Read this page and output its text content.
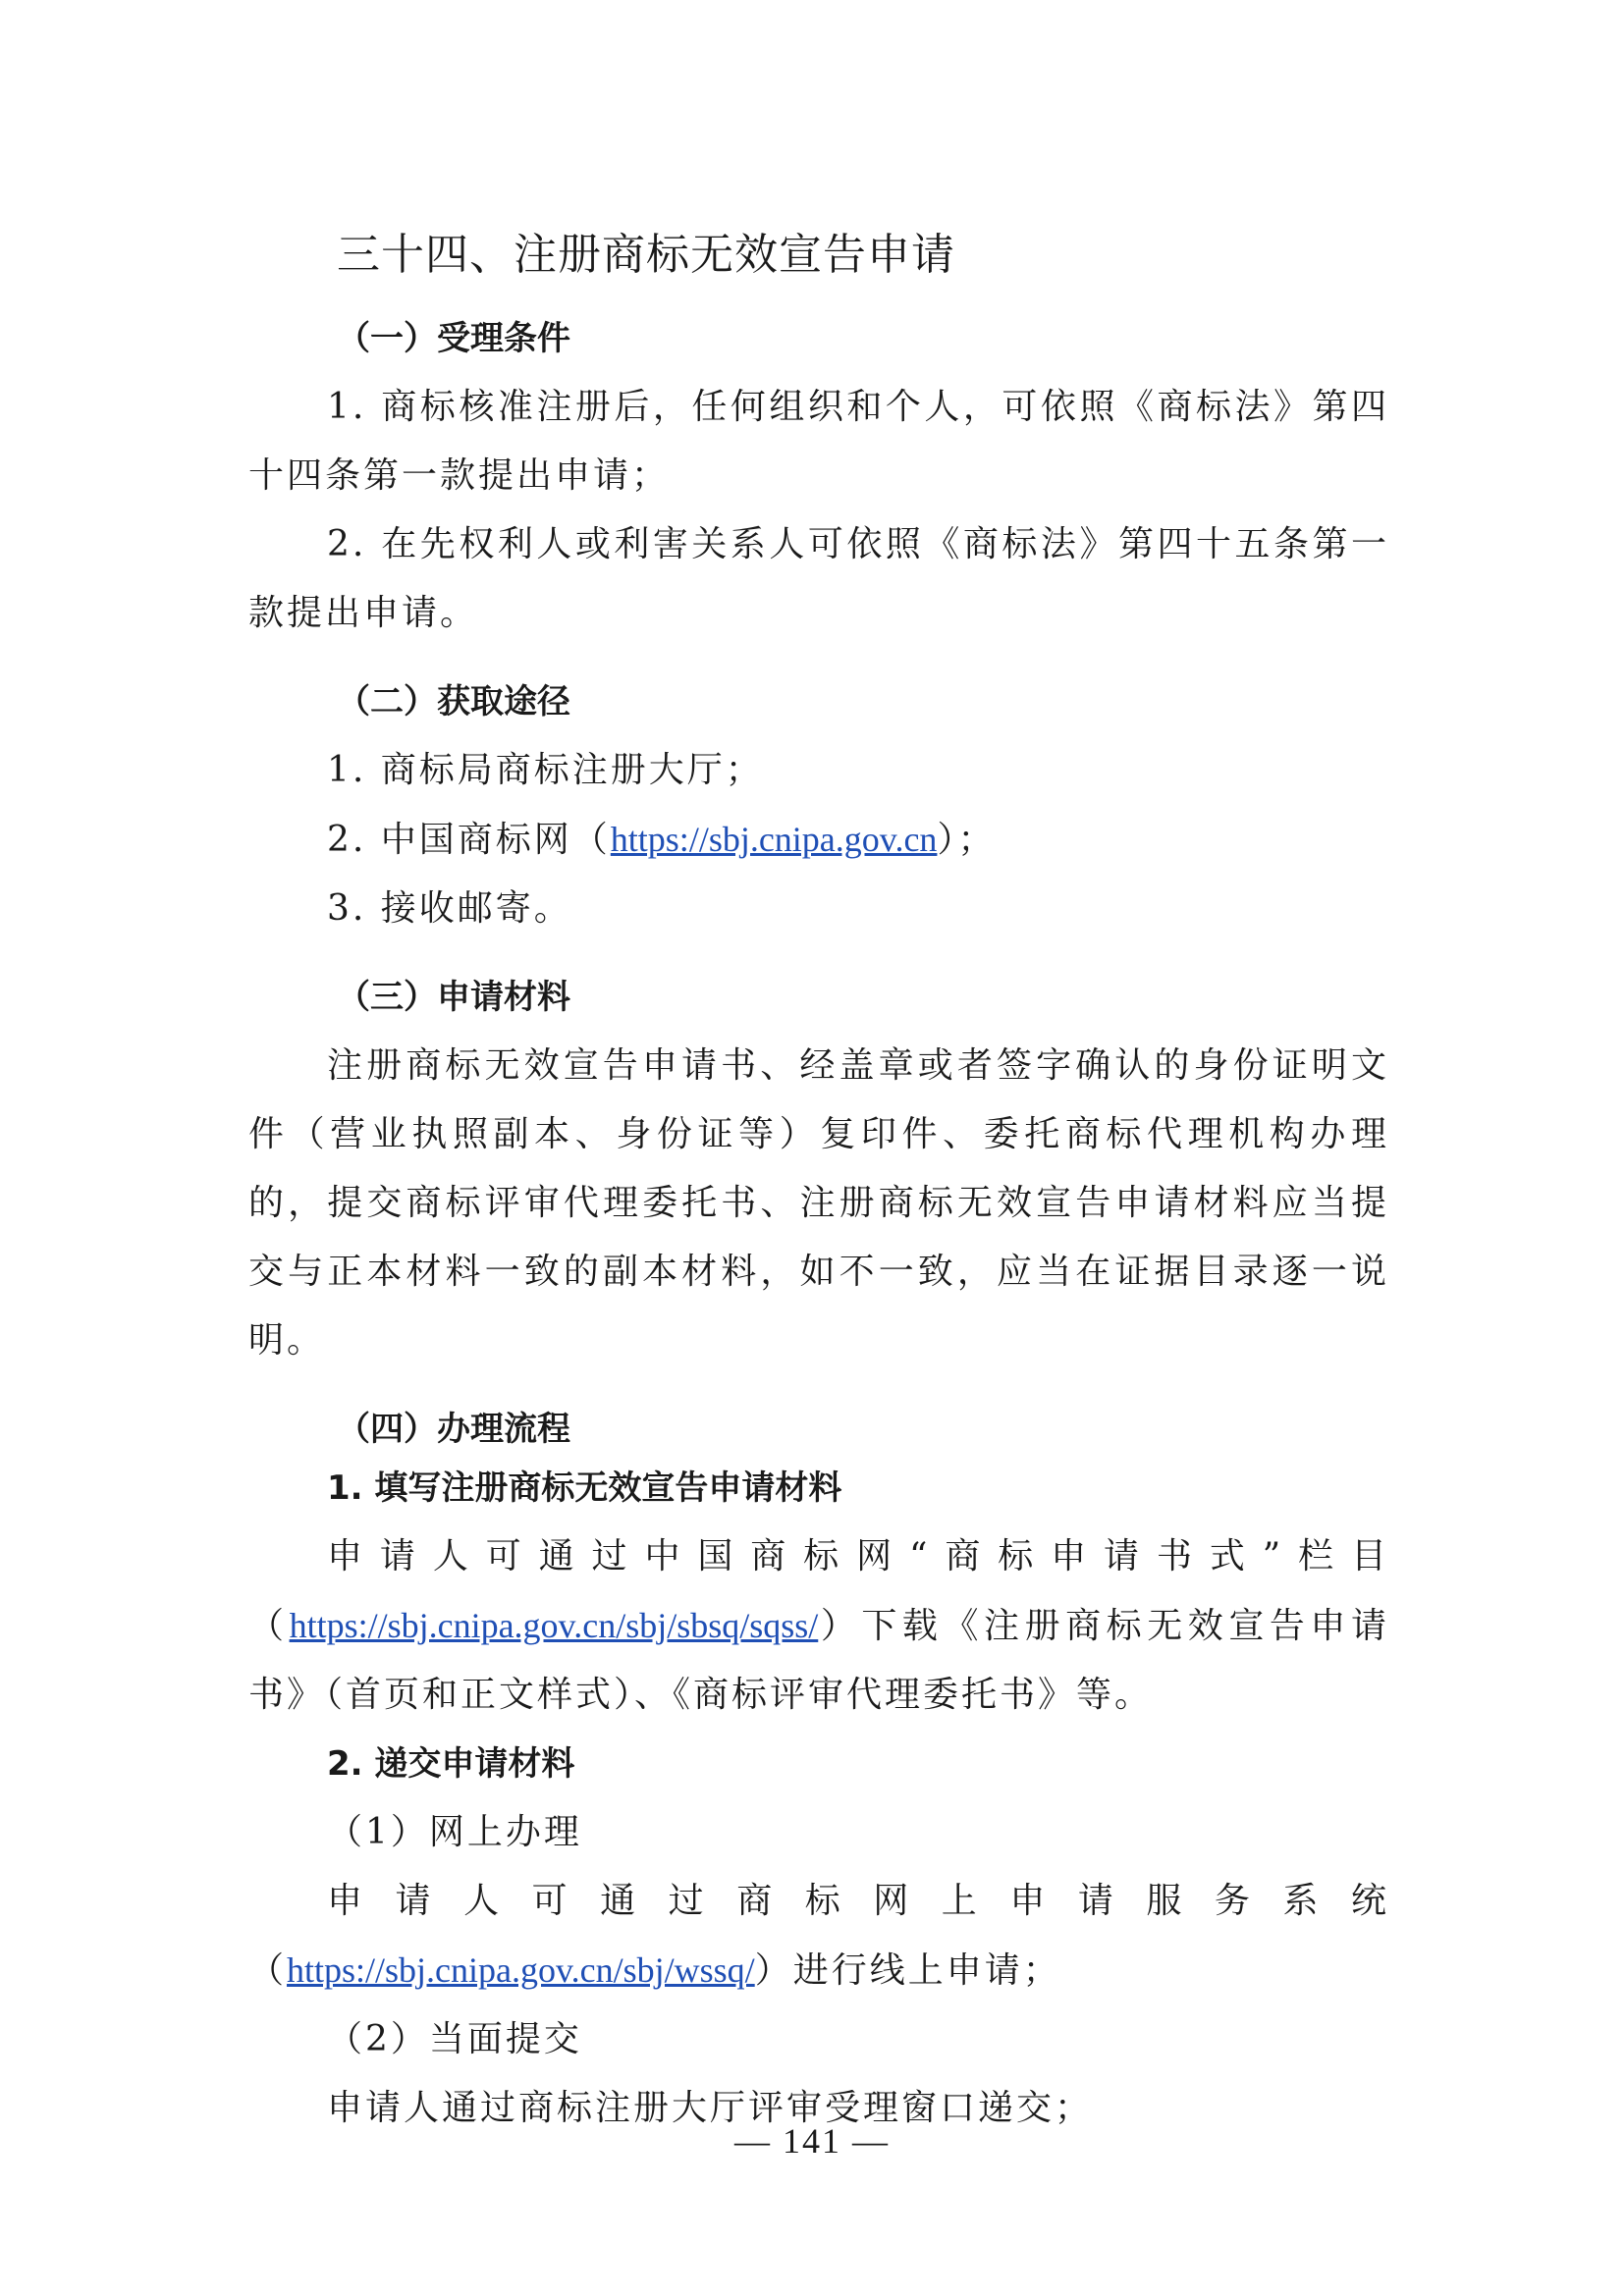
三十四、注册商标无效宣告申请
（一）受理条件

1. 商标核准注册后，任何组织和个人，可依照《商标法》第四十四条第一款提出申请；

2. 在先权利人或利害关系人可依照《商标法》第四十五条第一款提出申请。

（二）获取途径

1. 商标局商标注册大厅；

2. 中国商标网（https://sbj.cnipa.gov.cn）；

3. 接收邮寄。

（三）申请材料

注册商标无效宣告申请书、经盖章或者签字确认的身份证明文件（营业执照副本、身份证等）复印件、委托商标代理机构办理的，提交商标评审代理委托书、注册商标无效宣告申请材料应当提交与正本材料一致的副本材料，如不一致，应当在证据目录逐一说明。

（四）办理流程
1. 填写注册商标无效宣告申请材料

申请人可通过中国商标网“商标申请书式”栏目（https://sbj.cnipa.gov.cn/sbj/sbsq/sqss/）下载《注册商标无效宣告申请书》（首页和正文样式）、《商标评审代理委托书》等。

2. 递交申请材料

（1）网上办理

申请人可通过商标网上申请服务系统（https://sbj.cnipa.gov.cn/sbj/wssq/）进行线上申请；

（2）当面提交

申请人通过商标注册大厅评审受理窗口递交；

— 141 —
